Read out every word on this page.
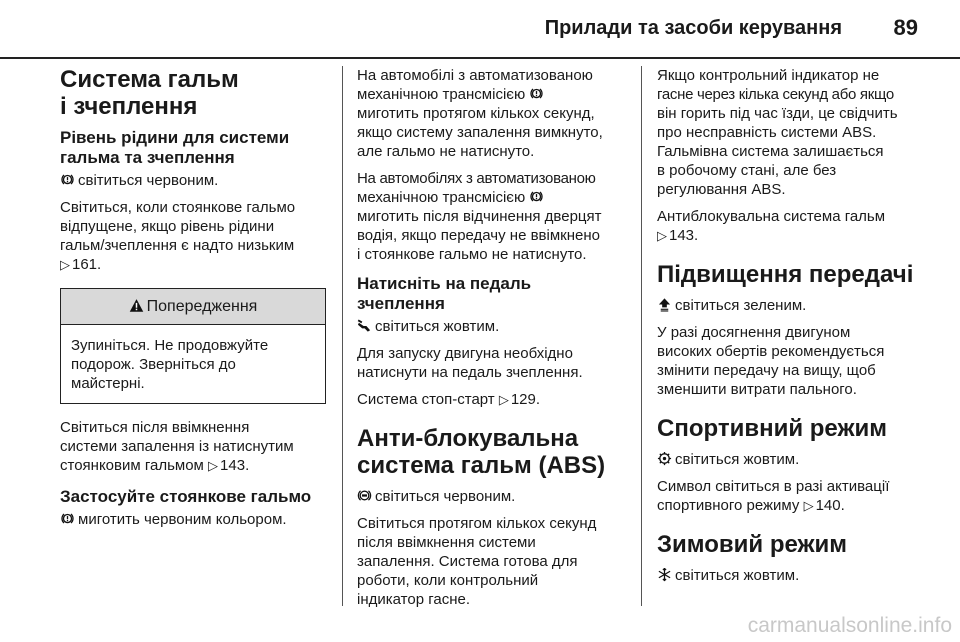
Прилади та засоби керування 89
Система гальм
і зчеплення
Рівень рідини для системи
гальма та зчеплення
світиться червоним.
Світиться, коли стоянкове гальмо
відпущене, якщо рівень рідини
гальм/зчеплення є надто низьким
▷ 161.
Попередження
Зупиніться. Не продовжуйте
подорож. Зверніться до
майстерні.
Світиться після ввімкнення
системи запалення із натиснутим
стоянковим гальмом ▷ 143.
Застосуйте стоянкове гальмо
миготить червоним кольором.
На автомобілі з автоматизованою
механічною трансмісією
миготить протягом кількох секунд,
якщо систему запалення вимкнуто,
але гальмо не натиснуто.
На автомобілях з автоматизованою
механічною трансмісією
миготить після відчинення дверцят
водія, якщо передачу не ввімкнено
і стоянкове гальмо не натиснуто.
Натисніть на педаль
зчеплення
світиться жовтим.
Для запуску двигуна необхідно
натиснути на педаль зчеплення.
Система стоп-старт ▷ 129.
Анти-блокувальна
система гальм (ABS)
світиться червоним.
Світиться протягом кількох секунд
після ввімкнення системи
запалення. Система готова для
роботи, коли контрольний
індикатор гасне.
Якщо контрольний індикатор не
гасне через кілька секунд або якщо
він горить під час їзди, це свідчить
про несправність системи ABS.
Гальмівна система залишається
в робочому стані, але без
регулювання ABS.
Антиблокувальна система гальм
▷ 143.
Підвищення передачі
світиться зеленим.
У разі досягнення двигуном
високих обертів рекомендується
змінити передачу на вищу, щоб
зменшити витрати пального.
Спортивний режим
світиться жовтим.
Символ світиться в разі активації
спортивного режиму ▷ 140.
Зимовий режим
світиться жовтим.
carmanualsonline.info
